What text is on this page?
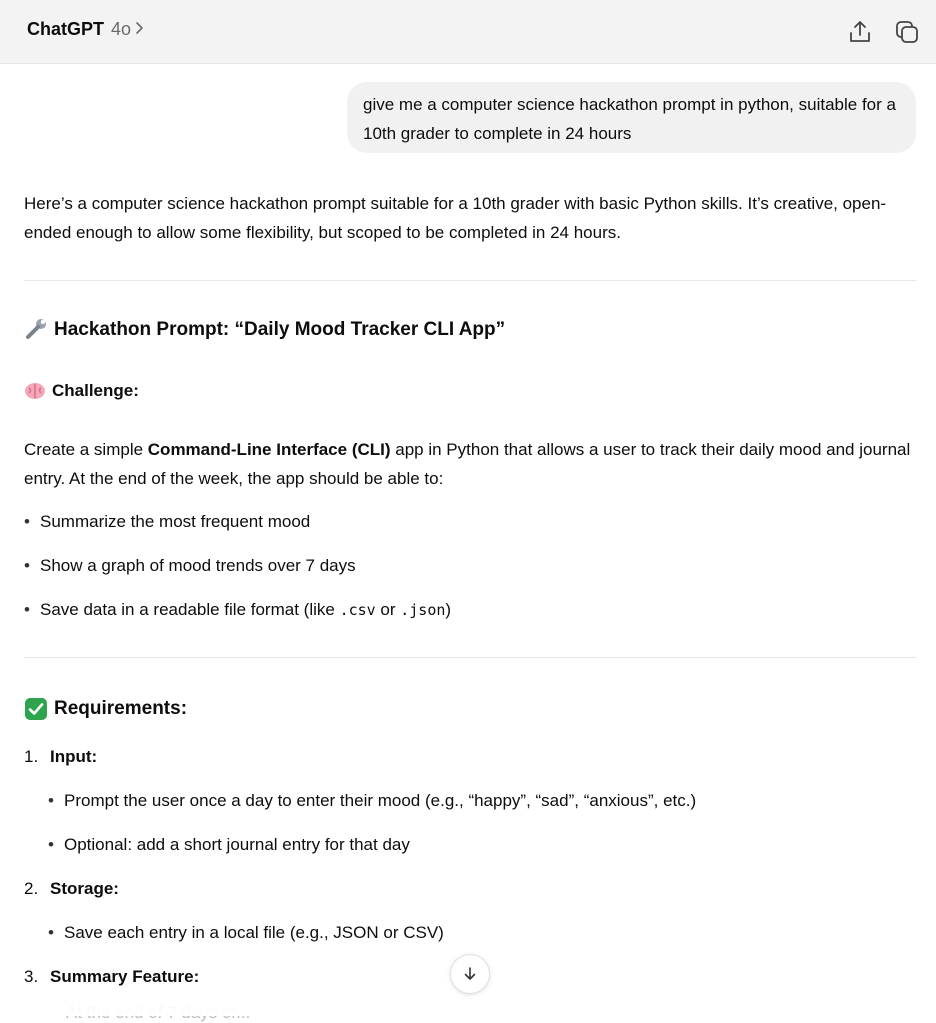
ChatGPT 4o
give me a computer science hackathon prompt in python, suitable for a 10th grader to complete in 24 hours
Here’s a computer science hackathon prompt suitable for a 10th grader with basic Python skills. It’s creative, open-ended enough to allow some flexibility, but scoped to be completed in 24 hours.
Hackathon Prompt: “Daily Mood Tracker CLI App”
Challenge:
Create a simple Command-Line Interface (CLI) app in Python that allows a user to track their daily mood and journal entry. At the end of the week, the app should be able to:
• Summarize the most frequent mood
• Show a graph of mood trends over 7 days
• Save data in a readable file format (like .csv or .json)
Requirements:
1. Input:
• Prompt the user once a day to enter their mood (e.g., “happy”, “sad”, “anxious”, etc.)
• Optional: add a short journal entry for that day
2. Storage:
• Save each entry in a local file (e.g., JSON or CSV)
3. Summary Feature:
